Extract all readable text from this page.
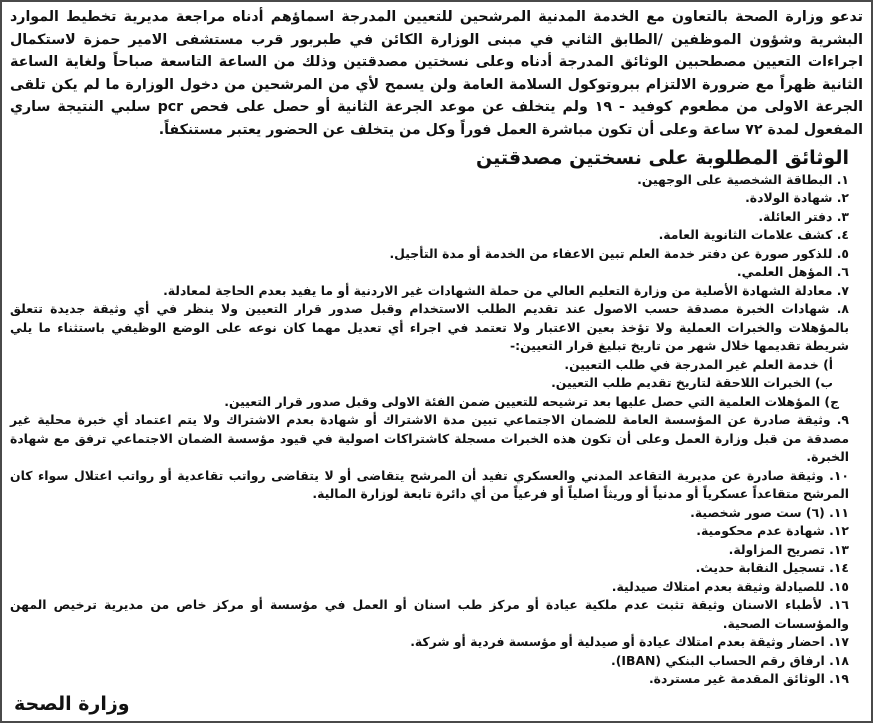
تدعو وزارة الصحة بالتعاون مع الخدمة المدنية المرشحين للتعيين المدرجة اسماؤهم أدناه مراجعة مديرية تخطيط الموارد البشرية وشؤون الموظفين /الطابق الثاني في مبنى الوزارة الكائن في طبربور قرب مستشفى الامير حمزة لاستكمال اجراءات التعيين مصطحبين الوثائق المدرجة أدناه وعلى نسختين مصدقتين وذلك من الساعة التاسعة صباحاً ولغاية الساعة الثانية ظهراً مع ضرورة الالتزام ببروتوكول السلامة العامة ولن يسمح لأي من المرشحين من دخول الوزارة ما لم يكن تلقى الجرعة الاولى من مطعوم كوفيد - ١٩ ولم يتخلف عن موعد الجرعة الثانية أو حصل على فحص pcr سلبي النتيجة ساري المفعول لمدة ٧٢ ساعة وعلى أن تكون مباشرة العمل فوراً وكل من يتخلف عن الحضور يعتبر مستنكفاً.

الوثائق المطلوبة على نسختين مصدقتين
١. البطاقة الشخصية على الوجهين.
٢. شهادة الولادة.
٣. دفتر العائلة.
٤. كشف علامات الثانوية العامة.
٥. للذكور صورة عن دفتر خدمة العلم تبين الاعفاء من الخدمة أو مدة التأجيل.
٦. المؤهل العلمي.
٧. معادلة الشهادة الأصلية من وزارة التعليم العالي من حملة الشهادات غير الاردنية أو ما يفيد بعدم الحاجة لمعادلة.
٨. شهادات الخبرة مصدقة حسب الاصول عند تقديم الطلب الاستخدام وقبل صدور قرار التعيين ولا ينظر في أي وثيقة جديدة تتعلق بالمؤهلات والخبرات العملية ولا تؤخذ بعين الاعتبار ولا تعتمد في اجراء أي تعديل مهما كان نوعه على الوضع الوظيفي باستثناء ما يلي شريطة تقديمها خلال شهر من تاريخ تبليغ قرار التعيين:-
أ) خدمة العلم غير المدرجة في طلب التعيين.
ب) الخبرات اللاحقة لتاريخ تقديم طلب التعيين.
ج) المؤهلات العلمية التي حصل عليها بعد ترشيحه للتعيين ضمن الفئة الاولى وقبل صدور قرار التعيين.
٩. وثيقة صادرة عن المؤسسة العامة للضمان الاجتماعي تبين مدة الاشتراك أو شهادة بعدم الاشتراك ولا يتم اعتماد أي خبرة محلية غير مصدقة من قبل وزارة العمل وعلى أن تكون هذه الخبرات مسجلة كاشتراكات اصولية في قيود مؤسسة الضمان الاجتماعي ترفق مع شهادة الخبرة.
١٠. وثيقة صادرة عن مديرية التقاعد المدني والعسكري تفيد أن المرشح يتقاضى أو لا يتقاضى رواتب تقاعدية أو رواتب اعتلال سواء كان المرشح متقاعداً عسكرياً أو مدنياً أو وريثاً اصلياً أو فرعياً من أي دائرة تابعة لوزارة المالية.
١١. (٦) ست صور شخصية.
١٢. شهادة عدم محكومية.
١٣. تصريح المزاولة.
١٤. تسجيل النقابة حديث.
١٥. للصيادلة وثيقة بعدم امتلاك صيدلية.
١٦. لأطباء الاسنان وثيقة تثبت عدم ملكية عيادة أو مركز طب اسنان أو العمل في مؤسسة أو مركز خاص من مديرية ترخيص المهن والمؤسسات الصحية.
١٧. احضار وثيقة بعدم امتلاك عيادة أو صيدلية أو مؤسسة فردية أو شركة.
١٨. ارفاق رقم الحساب البنكي (IBAN).
١٩. الوثائق المقدمة غير مستردة.
وزارة الصحة
